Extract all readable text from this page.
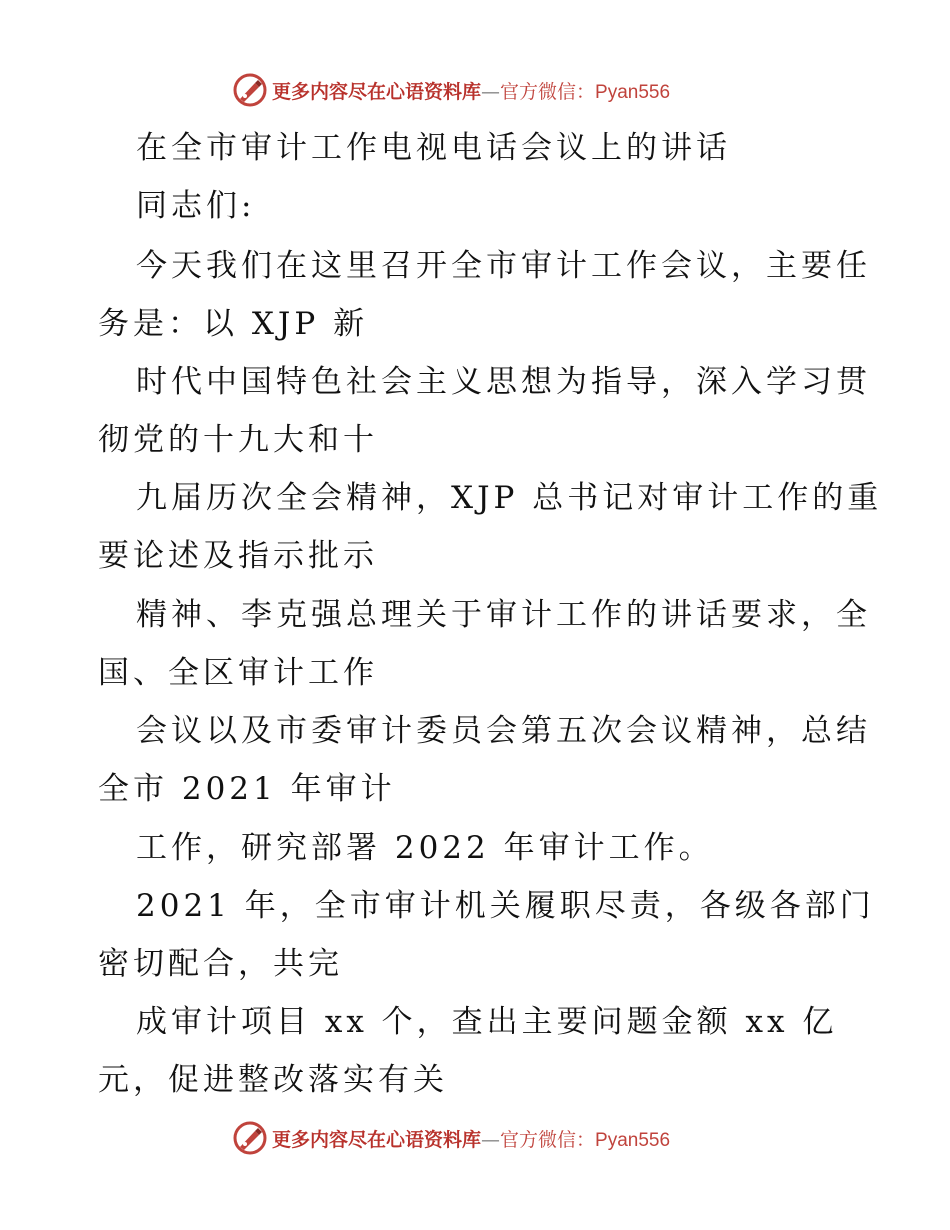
更多内容尽在心语资料库—官方微信：Pyan556
在全市审计工作电视电话会议上的讲话
同志们:
今天我们在这里召开全市审计工作会议，主要任
务是：以 XJP 新
时代中国特色社会主义思想为指导，深入学习贯
彻党的十九大和十
九届历次全会精神，XJP 总书记对审计工作的重
要论述及指示批示
精神、李克强总理关于审计工作的讲话要求，全
国、全区审计工作
会议以及市委审计委员会第五次会议精神，总结
全市 2021 年审计
工作，研究部署 2022 年审计工作。
2021 年，全市审计机关履职尽责，各级各部门
密切配合，共完
成审计项目 xx 个，查出主要问题金额 xx 亿
元，促进整改落实有关
更多内容尽在心语资料库—官方微信：Pyan556
